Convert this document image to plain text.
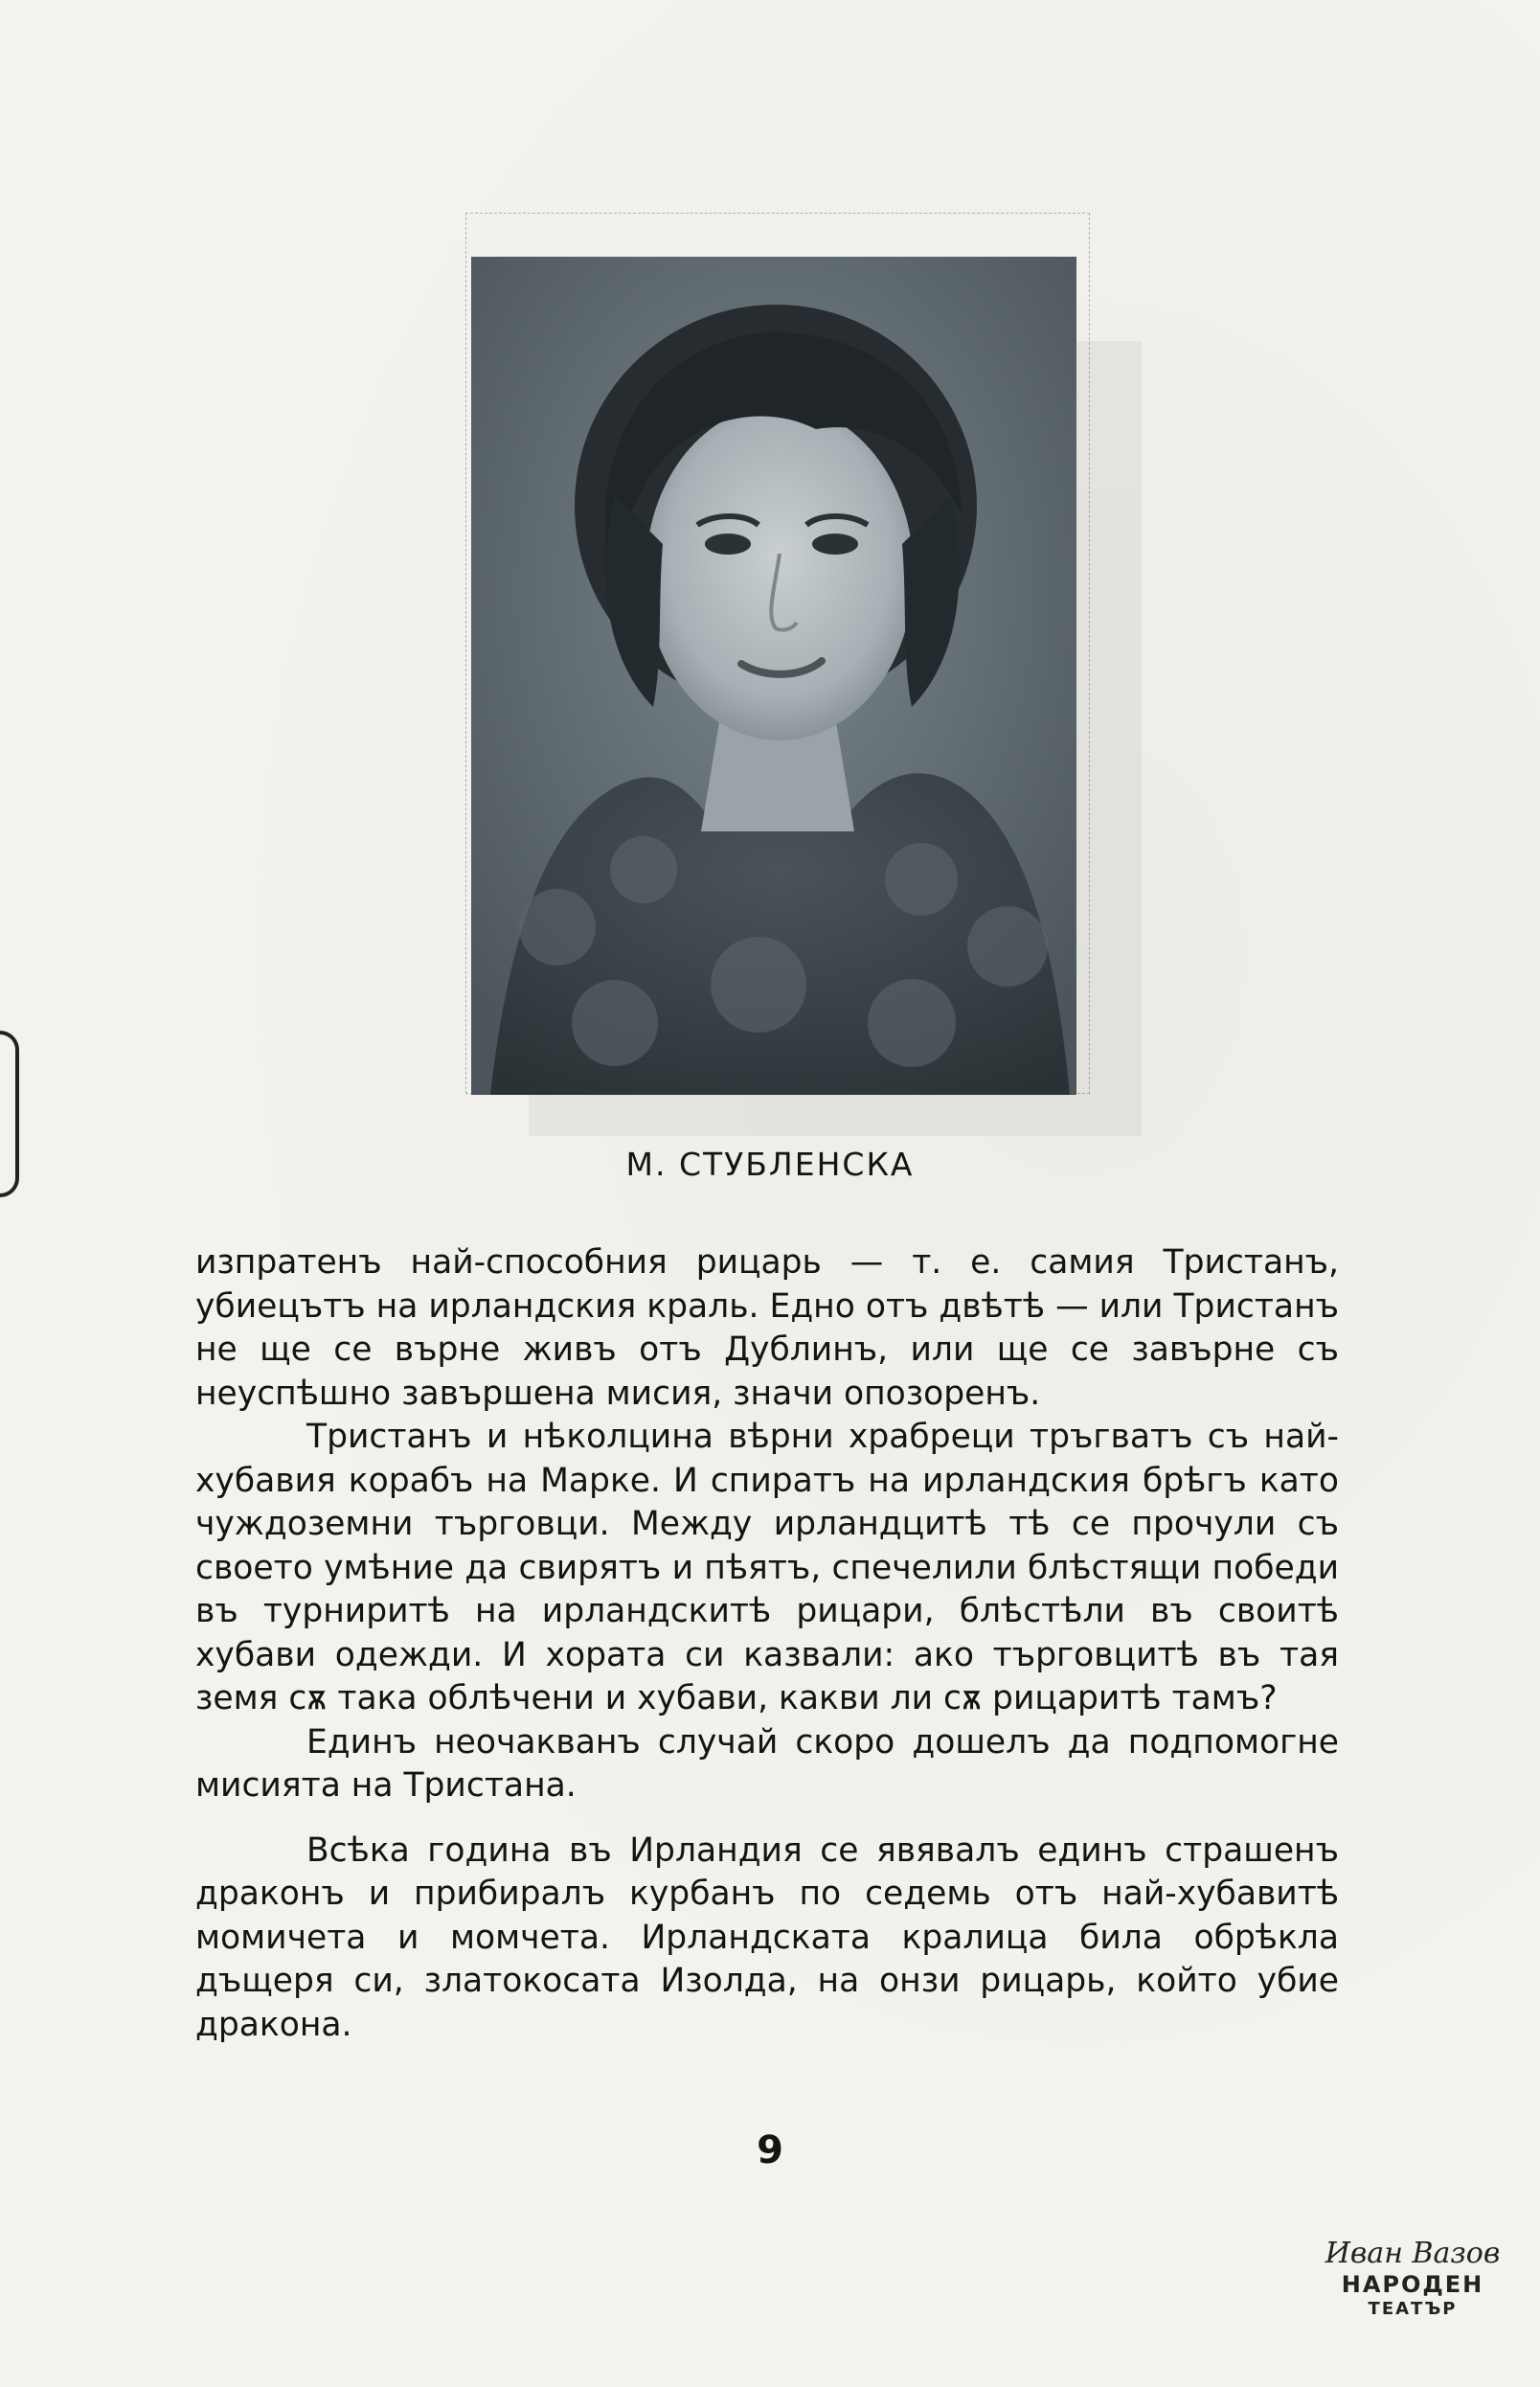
М. СТУБЛЕНСКА

изпратенъ най-способния рицарь — т. е. самия Тристанъ, убиецътъ на ирландския краль. Едно отъ двѣтѣ — или Тристанъ не ще се върне живъ отъ Дублинъ, или ще се завърне съ неуспѣшно завършена мисия, значи опозоренъ.

Тристанъ и нѣколцина вѣрни храбреци тръгватъ съ най-хубавия корабъ на Марке. И спиратъ на ирландския брѣгъ като чуждоземни търговци. Между ирландцитѣ тѣ се прочули съ своето умѣние да свирятъ и пѣятъ, спечелили блѣстящи победи въ турниритѣ на ирландскитѣ рицари, блѣстѣли въ своитѣ хубави одежди. И хората си казвали: ако търговцитѣ въ тая земя сѫ така облѣчени и хубави, какви ли сѫ рицаритѣ тамъ?

Единъ неочакванъ случай скоро дошелъ да подпомогне мисията на Тристана.

Всѣка година въ Ирландия се явявалъ единъ страшенъ драконъ и прибиралъ курбанъ по седемь отъ най-хубавитѣ момичета и момчета. Ирландската кралица била обрѣкла дъщеря си, златокосата Изолда, на онзи рицарь, който убие дракона.

9
Иван Вазов
НАРОДЕН
ТЕАТЪР
